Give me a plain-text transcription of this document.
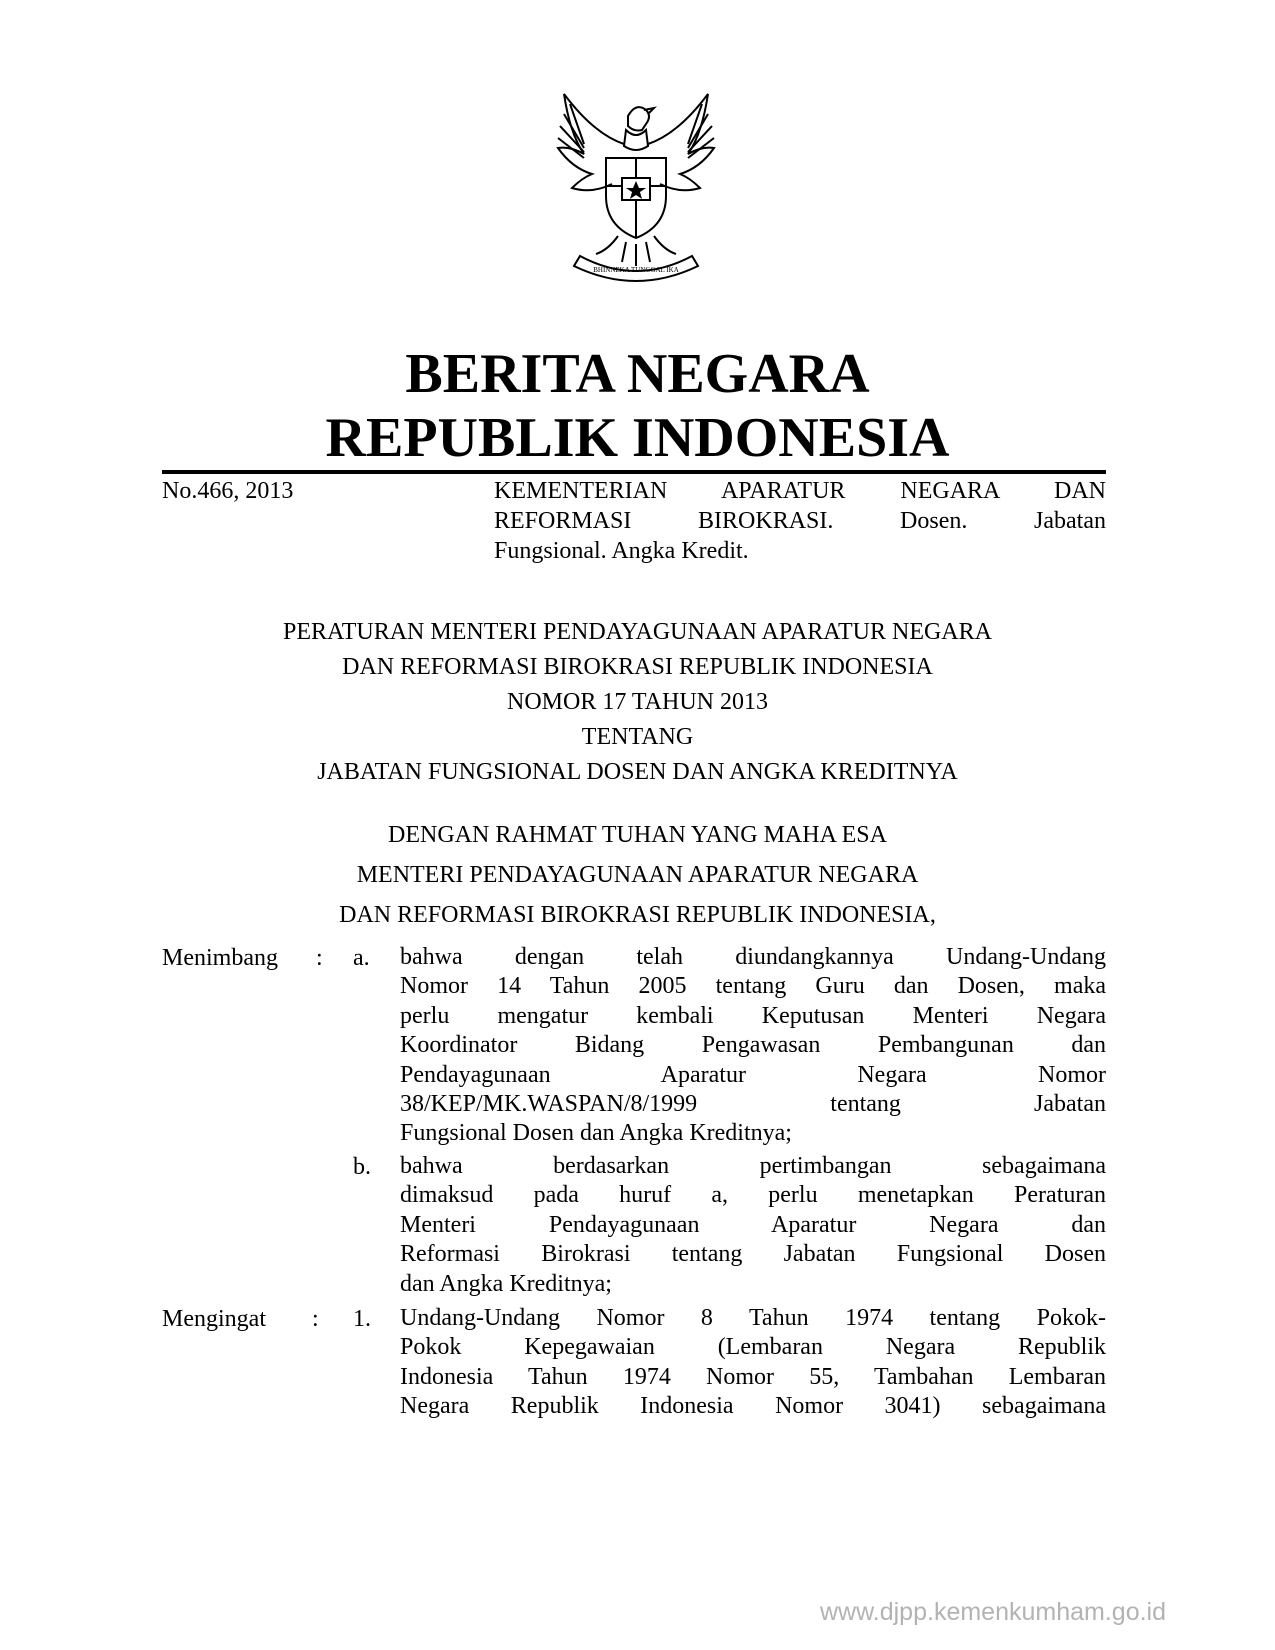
BHINNEKA TUNGGAL IKA
BERITA NEGARA
REPUBLIK INDONESIA
No.466, 2013	KEMENTERIAN APARATUR NEGARA DAN
REFORMASI BIROKRASI. Dosen. Jabatan
Fungsional. Angka Kredit.
PERATURAN MENTERI PENDAYAGUNAAN APARATUR NEGARA
DAN REFORMASI BIROKRASI REPUBLIK INDONESIA
NOMOR 17 TAHUN 2013
TENTANG
JABATAN FUNGSIONAL DOSEN DAN ANGKA KREDITNYA
DENGAN RAHMAT TUHAN YANG MAHA ESA
MENTERI PENDAYAGUNAAN APARATUR NEGARA
DAN REFORMASI BIROKRASI REPUBLIK INDONESIA,
Menimbang : a.	bahwa dengan telah diundangkannya Undang-Undang
Nomor 14 Tahun 2005 tentang Guru dan Dosen, maka
perlu mengatur kembali Keputusan Menteri Negara
Koordinator Bidang Pengawasan Pembangunan dan
Pendayagunaan Aparatur Negara Nomor
38/KEP/MK.WASPAN/8/1999 tentang Jabatan
Fungsional Dosen dan Angka Kreditnya;
b.	bahwa berdasarkan pertimbangan sebagaimana
dimaksud pada huruf a, perlu menetapkan Peraturan
Menteri Pendayagunaan Aparatur Negara dan
Reformasi Birokrasi tentang Jabatan Fungsional Dosen
dan Angka Kreditnya;
Mengingat : 1.	Undang-Undang Nomor 8 Tahun 1974 tentang Pokok-
Pokok Kepegawaian (Lembaran Negara Republik
Indonesia Tahun 1974 Nomor 55, Tambahan Lembaran
Negara Republik Indonesia Nomor 3041) sebagaimana
www.djpp.kemenkumham.go.id
